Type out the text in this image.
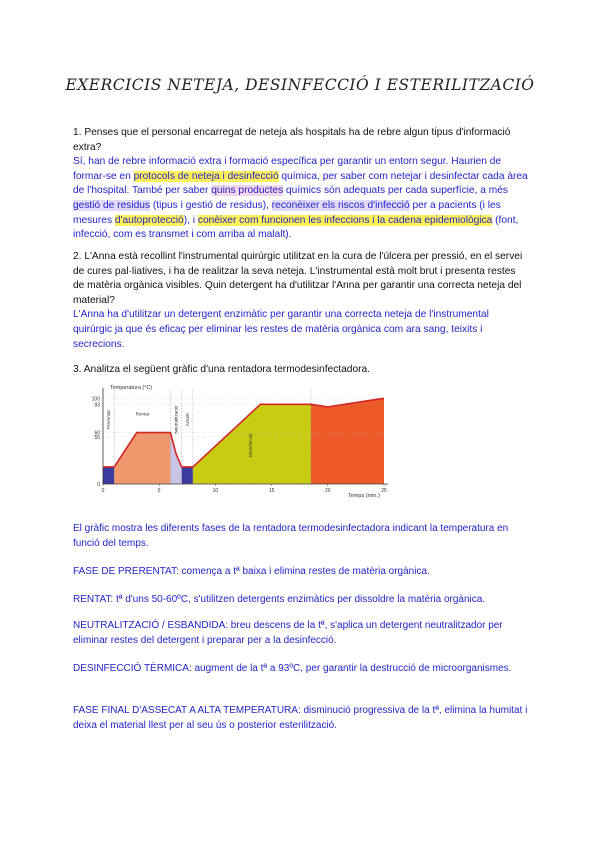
EXERCICIS NETEJA, DESINFECCIÓ I ESTERILITZACIÓ
1. Penses que el personal encarregat de neteja als hospitals ha de rebre algun tipus d'informació extra?
Sí, han de rebre informació extra i formació específica per garantir un entorn segur. Haurien de formar-se en protocols de neteja i desinfecció química, per saber com netejar i desinfectar cada àrea de l'hospital. També per saber quins productes químics són adequats per cada superfície, a més gestió de residus (tipus i gestió de residus), reconèixer els riscos d'infecció per a pacients (i les mesures d'autoprotecció), i conèixer com funcionen les infeccions i la cadena epidemiològica (font, infecció, com es transmet i com arriba al malalt).
2. L'Anna està recollint l'instrumental quirúrgic utilitzat en la cura de l'úlcera per pressió, en el servei de cures pal·liatives, i ha de realitzar la seva neteja. L'instrumental està molt brut i presenta restes de matèria orgànica visibles. Quin detergent ha d'utilitzar l'Anna per garantir una correcta neteja del material?
L'Anna ha d'utilitzar un detergent enzimàtic per garantir una correcta neteja de l'instrumental quirúrgic ja que és eficaç per eliminar les restes de matèria orgànica com ara sang, teixits i secrecions.
3. Analitza el següent gràfic d'una rentadora termodesinfectadora.
100
93
60
55
0
0	5	10	15	20	25
Prerentat	Rentat	Neutralització Aclarit
Desinfecció
Temperatura (°C)
Temps (min.)
El gràfic mostra les diferents fases de la rentadora termodesinfectadora indicant la temperatura en funció del temps.
FASE DE PRERENTAT: comença a tª baixa i elimina restes de matèria orgànica.
RENTAT: tª d'uns 50-60ºC, s'utilitzen detergents enzimàtics per dissoldre la matèria orgànica.
NEUTRALITZACIÓ / ESBANDIDA: breu descens de la tª, s'aplica un detergent neutralitzador per eliminar restes del detergent i preparar per a la desinfecció.
DESINFECCIÓ TÈRMICA: augment de la tª a 93ºC, per garantir la destrucció de microorganismes.
FASE FINAL D'ASSECAT A ALTA TEMPERATURA: disminució progressiva de la tª, elimina la humitat i deixa el material llest per al seu ús o posterior esterilització.
